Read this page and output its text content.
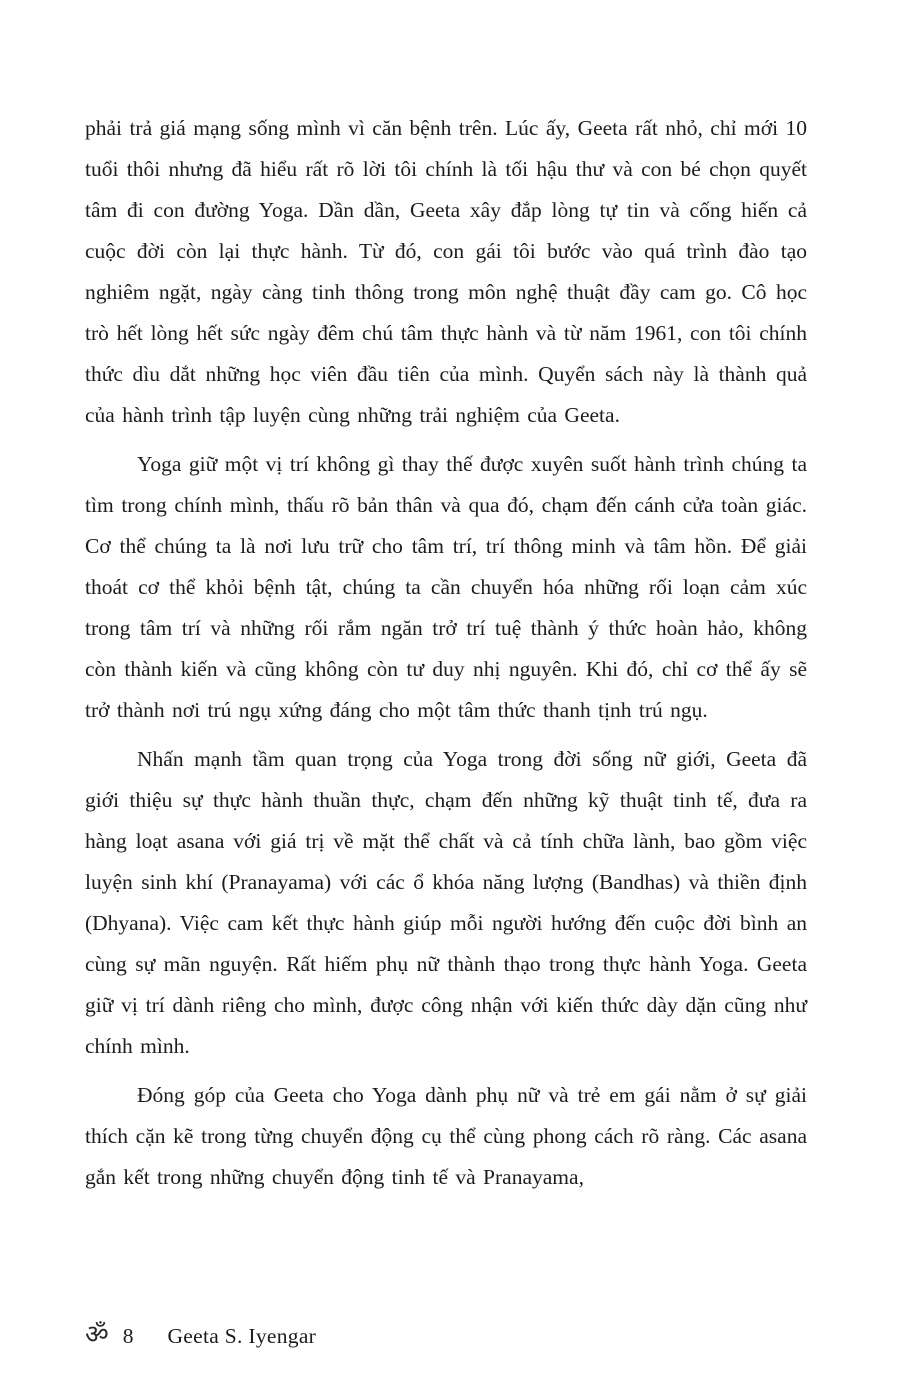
phải trả giá mạng sống mình vì căn bệnh trên. Lúc ấy, Geeta rất nhỏ, chỉ mới 10 tuổi thôi nhưng đã hiểu rất rõ lời tôi chính là tối hậu thư và con bé chọn quyết tâm đi con đường Yoga. Dần dần, Geeta xây đắp lòng tự tin và cống hiến cả cuộc đời còn lại thực hành. Từ đó, con gái tôi bước vào quá trình đào tạo nghiêm ngặt, ngày càng tinh thông trong môn nghệ thuật đầy cam go. Cô học trò hết lòng hết sức ngày đêm chú tâm thực hành và từ năm 1961, con tôi chính thức dìu dắt những học viên đầu tiên của mình. Quyển sách này là thành quả của hành trình tập luyện cùng những trải nghiệm của Geeta.

Yoga giữ một vị trí không gì thay thế được xuyên suốt hành trình chúng ta tìm trong chính mình, thấu rõ bản thân và qua đó, chạm đến cánh cửa toàn giác. Cơ thể chúng ta là nơi lưu trữ cho tâm trí, trí thông minh và tâm hồn. Để giải thoát cơ thể khỏi bệnh tật, chúng ta cần chuyển hóa những rối loạn cảm xúc trong tâm trí và những rối rắm ngăn trở trí tuệ thành ý thức hoàn hảo, không còn thành kiến và cũng không còn tư duy nhị nguyên. Khi đó, chỉ cơ thể ấy sẽ trở thành nơi trú ngụ xứng đáng cho một tâm thức thanh tịnh trú ngụ.

Nhấn mạnh tầm quan trọng của Yoga trong đời sống nữ giới, Geeta đã giới thiệu sự thực hành thuần thực, chạm đến những kỹ thuật tinh tế, đưa ra hàng loạt asana với giá trị về mặt thể chất và cả tính chữa lành, bao gồm việc luyện sinh khí (Pranayama) với các ổ khóa năng lượng (Bandhas) và thiền định (Dhyana). Việc cam kết thực hành giúp mỗi người hướng đến cuộc đời bình an cùng sự mãn nguyện. Rất hiếm phụ nữ thành thạo trong thực hành Yoga. Geeta giữ vị trí dành riêng cho mình, được công nhận với kiến thức dày dặn cũng như chính mình.

Đóng góp của Geeta cho Yoga dành phụ nữ và trẻ em gái nằm ở sự giải thích cặn kẽ trong từng chuyển động cụ thể cùng phong cách rõ ràng. Các asana gắn kết trong những chuyển động tinh tế và Pranayama,

ॐ 8 Geeta S. Iyengar
